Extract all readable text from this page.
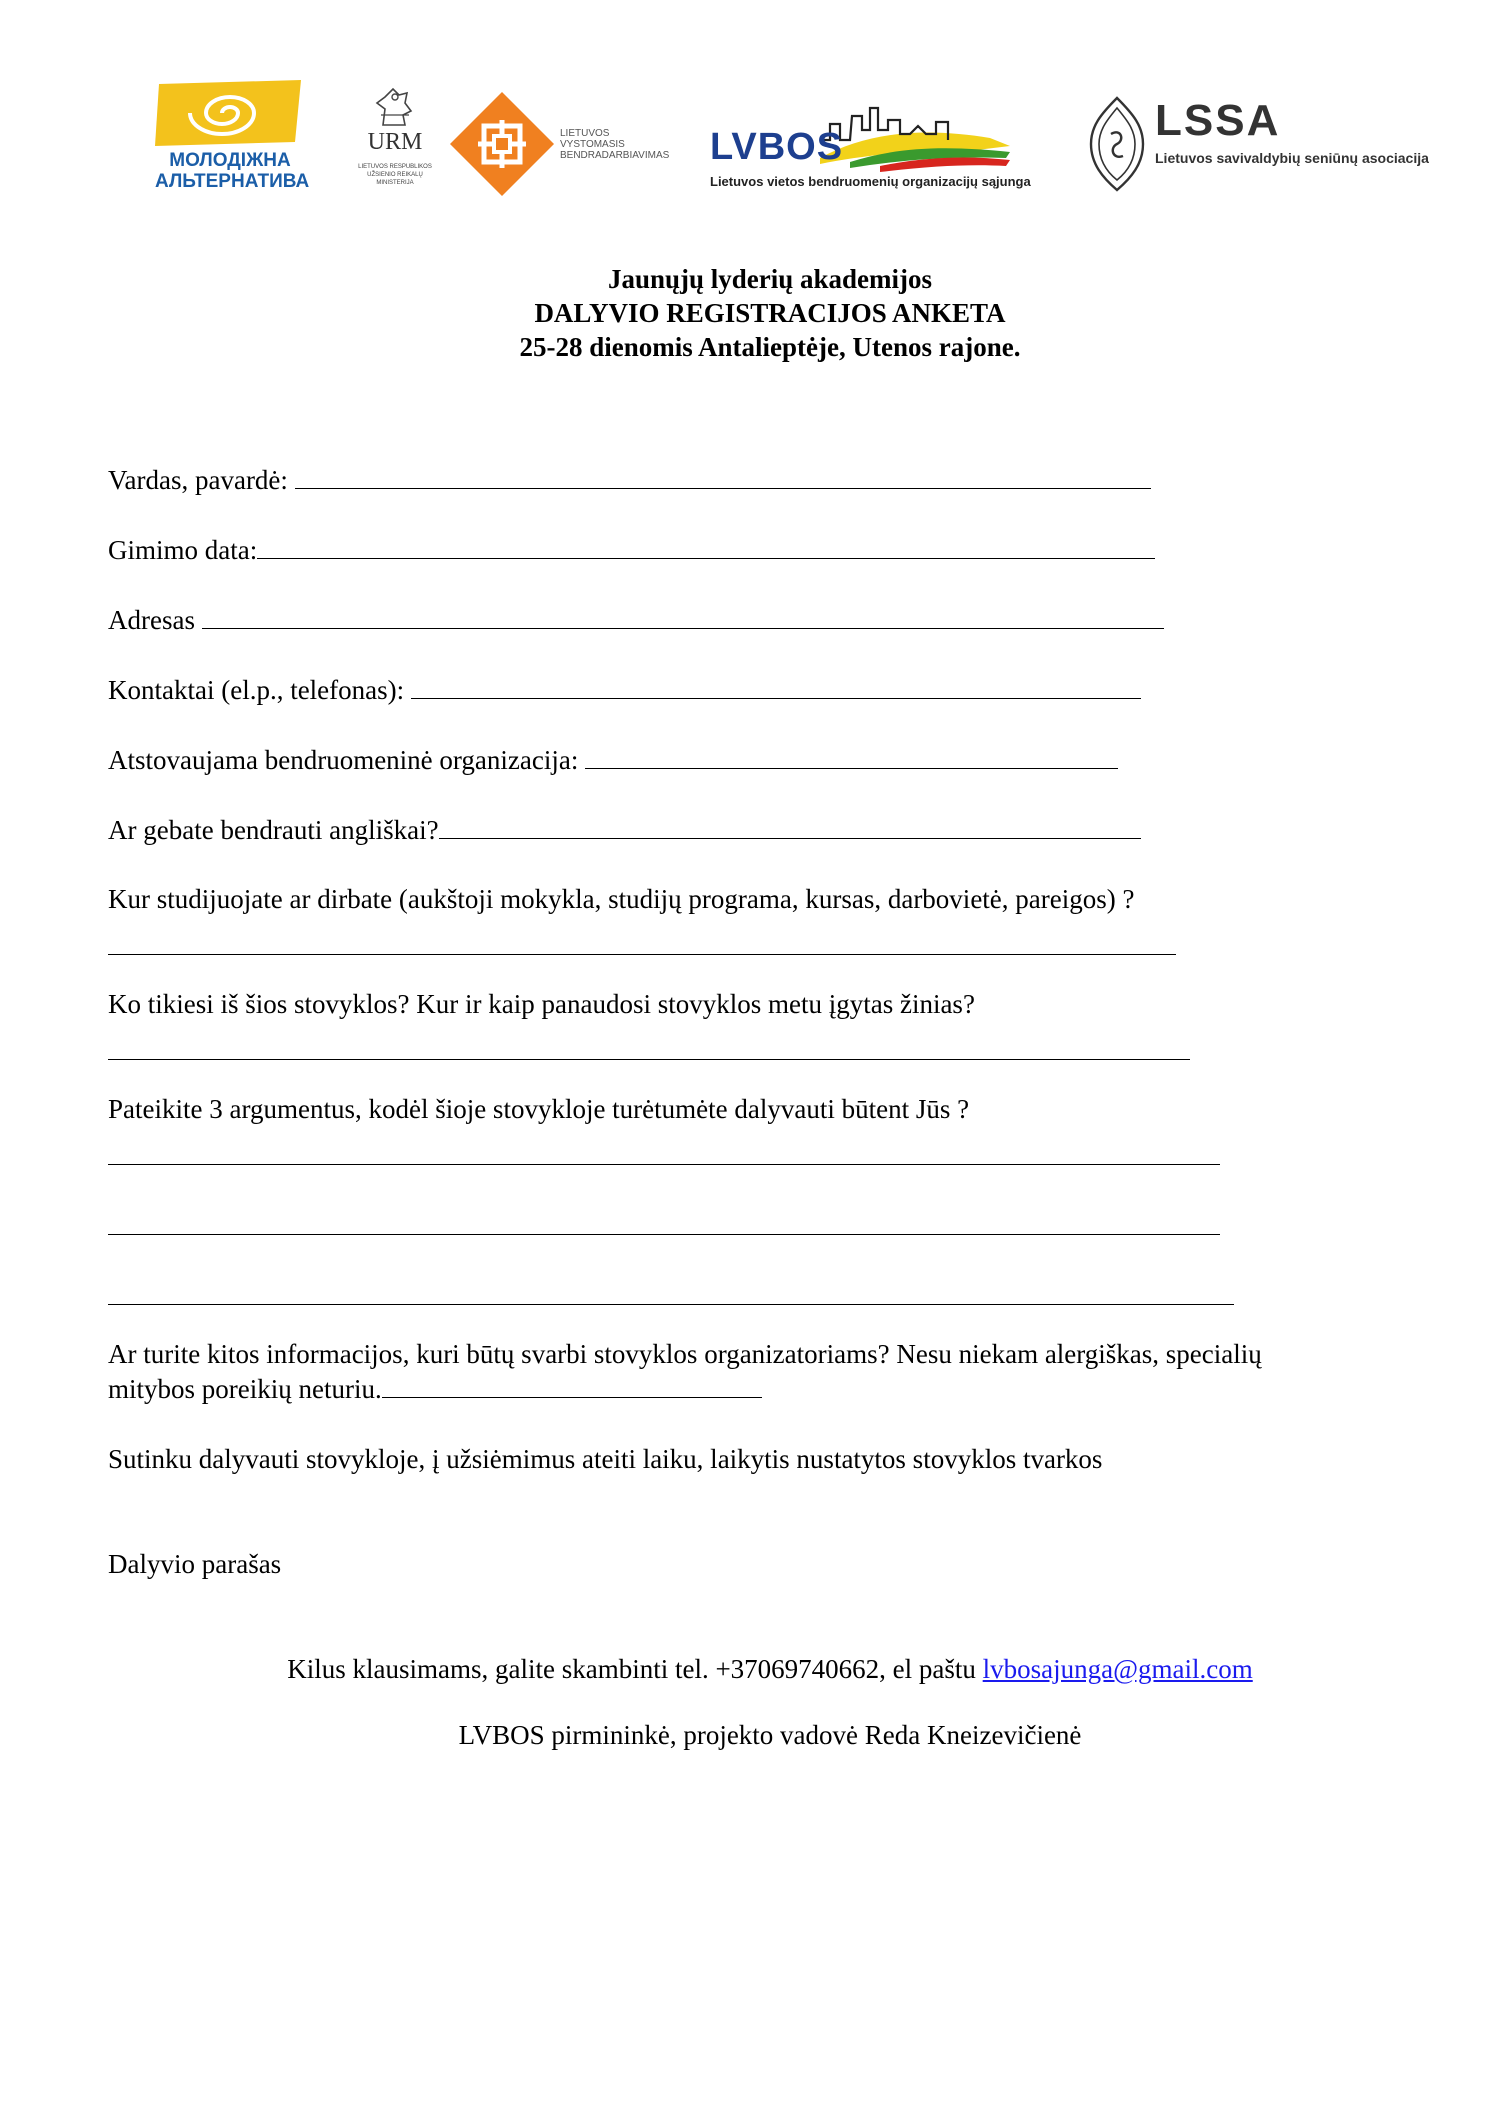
МОЛОДІЖНА
АЛЬТЕРНАТИВА
URM
LIETUVOS RESPUBLIKOS UŽSIENIO REIKALŲ MINISTERIJA
LIETUVOS
VYSTOMASIS
BENDRADARBIAVIMAS	LVBOS
Lietuvos vietos bendruomenių organizacijų sąjunga
LSSA
Lietuvos savivaldybių seniūnų asociacija
Jaunųjų lyderių akademijos
DALYVIO REGISTRACIJOS ANKETA
25-28 dienomis Antalieptėje, Utenos rajone.
Vardas, pavardė:
Gimimo data:
Adresas
Kontaktai (el.p., telefonas):
Atstovaujama bendruomeninė organizacija:
Ar gebate bendrauti angliškai?
Kur studijuojate ar dirbate (aukštoji mokykla, studijų programa, kursas, darbovietė, pareigos) ?
Ko tikiesi iš šios stovyklos? Kur ir kaip panaudosi stovyklos metu įgytas žinias?
Pateikite 3 argumentus, kodėl šioje stovykloje turėtumėte dalyvauti būtent Jūs ?
Ar turite kitos informacijos, kuri būtų svarbi stovyklos organizatoriams? Nesu niekam alergiškas, specialių
mitybos poreikių neturiu.
Sutinku dalyvauti stovykloje, į užsiėmimus ateiti laiku, laikytis nustatytos stovyklos tvarkos
Dalyvio parašas
Kilus klausimams, galite skambinti tel. +37069740662, el paštu lvbosajunga@gmail.com
LVBOS pirmininkė, projekto vadovė Reda Kneizevičienė
